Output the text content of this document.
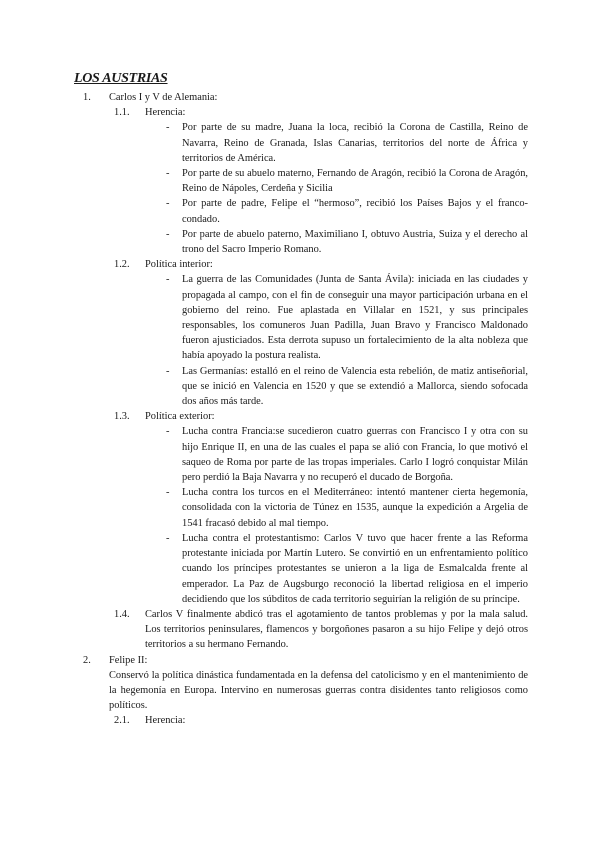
LOS AUSTRIAS
1. Carlos I y V de Alemania:
1.1. Herencia:
- Por parte de su madre, Juana la loca, recibió la Corona de Castilla, Reino de Navarra, Reino de Granada, Islas Canarias, territorios del norte de África y territorios de América.
- Por parte de su abuelo materno, Fernando de Aragón, recibió la Corona de Aragón, Reino de Nápoles, Cerdeña y Sicilia
- Por parte de padre, Felipe el “hermoso”, recibió los Países Bajos y el franco-condado.
- Por parte de abuelo paterno, Maximiliano I, obtuvo Austria, Suiza y el derecho al trono del Sacro Imperio Romano.
1.2. Política interior:
- La guerra de las Comunidades (Junta de Santa Ávila): iniciada en las ciudades y propagada al campo, con el fin de conseguir una mayor participación urbana en el gobierno del reino. Fue aplastada en Villalar en 1521, y sus principales responsables, los comuneros Juan Padilla, Juan Bravo y Francisco Maldonado fueron ajusticiados. Esta derrota supuso un fortalecimiento de la alta nobleza que había apoyado la postura realista.
- Las Germanías: estalló en el reino de Valencia esta rebelión, de matiz antiseñorial, que se inició en Valencia en 1520 y que se extendió a Mallorca, siendo sofocada dos años más tarde.
1.3. Política exterior:
- Lucha contra Francia:se sucedieron cuatro guerras con Francisco I y otra con su hijo Enrique II, en una de las cuales el papa se alió con Francia, lo que motivó el saqueo de Roma por parte de las tropas imperiales. Carlo I logró conquistar Milán pero perdió la Baja Navarra y no recuperó el ducado de Borgoña.
- Lucha contra los turcos en el Mediterráneo: intentó mantener cierta hegemonía, consolidada con la victoria de Túnez en 1535, aunque la expedición a Argelia de 1541 fracasó debido al mal tiempo.
- Lucha contra el protestantismo: Carlos V tuvo que hacer frente a las Reforma protestante iniciada por Martín Lutero. Se convirtió en un enfrentamiento político cuando los príncipes protestantes se unieron a la liga de Esmalcalda frente al emperador. La Paz de Augsburgo reconoció la libertad religiosa en el imperio decidiendo que los súbditos de cada territorio seguirían la religión de su príncipe.
1.4. Carlos V finalmente abdicó tras el agotamiento de tantos problemas y por la mala salud. Los territorios peninsulares, flamencos y borgoñones pasaron a su hijo Felipe y dejó otros territorios a su hermano Fernando.
2. Felipe II:
Conservó la política dinástica fundamentada en la defensa del catolicismo y en el mantenimiento de la hegemonía en Europa. Intervino en numerosas guerras contra disidentes tanto religiosos como políticos.
2.1. Herencia:
